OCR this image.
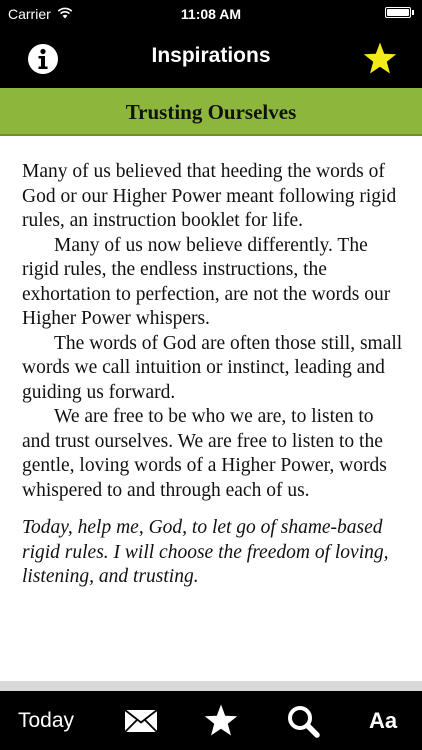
Carrier	11:08 AM
Inspirations
Trusting Ourselves

Many of us believed that heeding the words of God or our Higher Power meant following rigid rules, an instruction booklet for life.

Many of us now believe differently. The rigid rules, the endless instructions, the exhortation to perfection, are not the words our Higher Power whispers.

The words of God are often those still, small words we call intuition or instinct, leading and guiding us forward.

We are free to be who we are, to listen to and trust ourselves. We are free to listen to the gentle, loving words of a Higher Power, words whispered to and through each of us.

Today, help me, God, to let go of shame-based rigid rules. I will choose the freedom of loving, listening, and trusting.

Today	Aa
